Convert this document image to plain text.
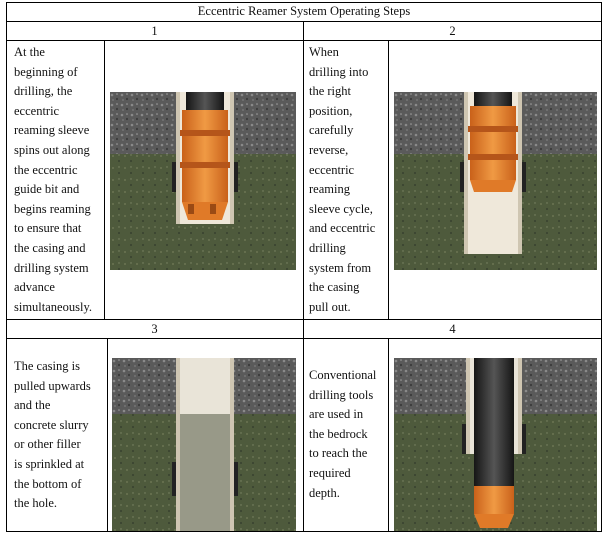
Eccentric Reamer System Operating Steps
1	2
3	4
At the
beginning of
drilling, the
eccentric
reaming sleeve
spins out along
the eccentric
guide bit and
begins reaming
to ensure that
the casing and
drilling system
advance
simultaneously.
When
drilling into
the right
position,
carefully
reverse,
eccentric
reaming
sleeve cycle,
and eccentric
drilling
system from
the casing
pull out.
The casing is
pulled upwards
and the
concrete slurry
or other filler
is sprinkled at
the bottom of
the hole.
Conventional
drilling tools
are used in
the bedrock
to reach the
required
depth.
